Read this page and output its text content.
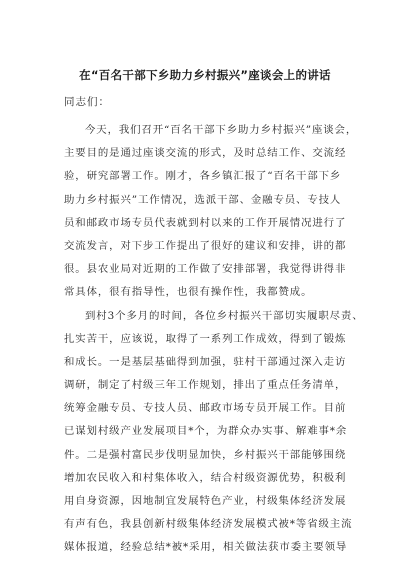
在“百名干部下乡助力乡村振兴”座谈会上的讲话
同志们：
今天，我们召开“百名干部下乡助力乡村振兴”座谈会，
主要目的是通过座谈交流的形式，及时总结工作、交流经
验，研究部署工作。刚才，各乡镇汇报了“百名干部下乡
助力乡村振兴”工作情况，选派干部、金融专员、专技人
员和邮政市场专员代表就到村以来的工作开展情况进行了
交流发言，对下步工作提出了很好的建议和安排，讲的都
很。县农业局对近期的工作做了安排部署，我觉得讲得非
常具体，很有指导性，也很有操作性，我都赞成。
到村3个多月的时间，各位乡村振兴干部切实履职尽责、
扎实苦干，应该说，取得了一系列工作成效，得到了锻炼
和成长。一是基层基础得到加强，驻村干部通过深入走访
调研，制定了村级三年工作规划，排出了重点任务清单，
统筹金融专员、专技人员、邮政市场专员开展工作。目前
已谋划村级产业发展项目*个，为群众办实事、解难事*余
件。二是强村富民步伐明显加快，乡村振兴干部能够围绕
增加农民收入和村集体收入，结合村级资源优势，积极利
用自身资源，因地制宜发展特色产业，村级集体经济发展
有声有色，我县创新村级集体经济发展模式被*等省级主流
媒体报道，经验总结*被*采用，相关做法获市委主要领导
